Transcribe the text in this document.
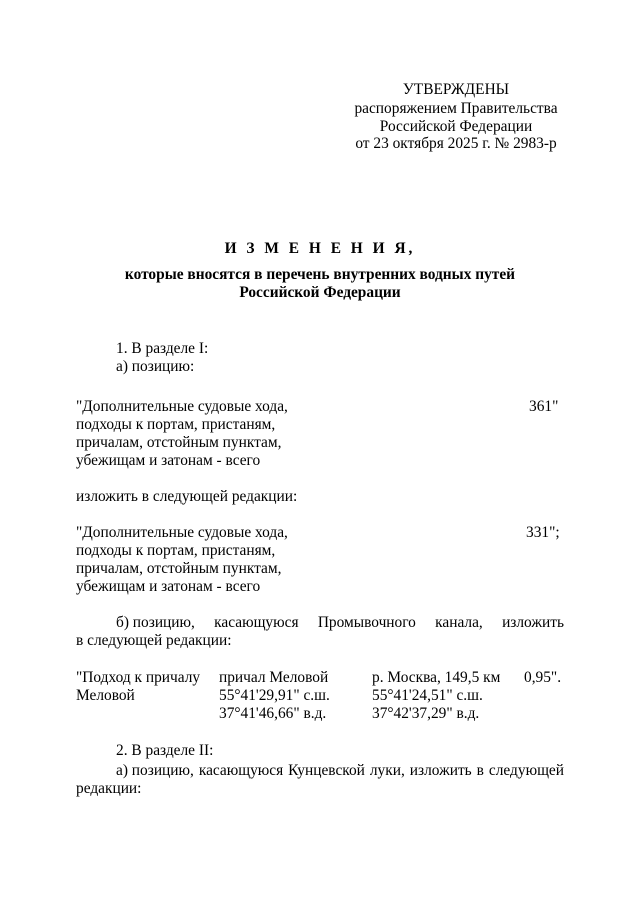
УТВЕРЖДЕНЫ
распоряжением Правительства
Российской Федерации
от 23 октября 2025 г. № 2983-р
И З М Е Н Е Н И Я,
которые вносятся в перечень внутренних водных путей
Российской Федерации
1. В разделе I:
а) позицию:
"Дополнительные судовые хода,
подходы к портам, пристаням,
причалам, отстойным пунктам,
убежищам и затонам - всего
361"
изложить в следующей редакции:
"Дополнительные судовые хода,
подходы к портам, пристаням,
причалам, отстойным пунктам,
убежищам и затонам - всего
331";
б) позицию, касающуюся Промывочного канала, изложить
в следующей редакции:
"Подход к причалу
Меловой
причал Меловой
55°41'29,91" с.ш.
37°41'46,66" в.д.
р. Москва, 149,5 км
55°41'24,51" с.ш.
37°42'37,29" в.д.
0,95".
2. В разделе II:
а) позицию, касающуюся Кунцевской луки, изложить в следующей
редакции:
